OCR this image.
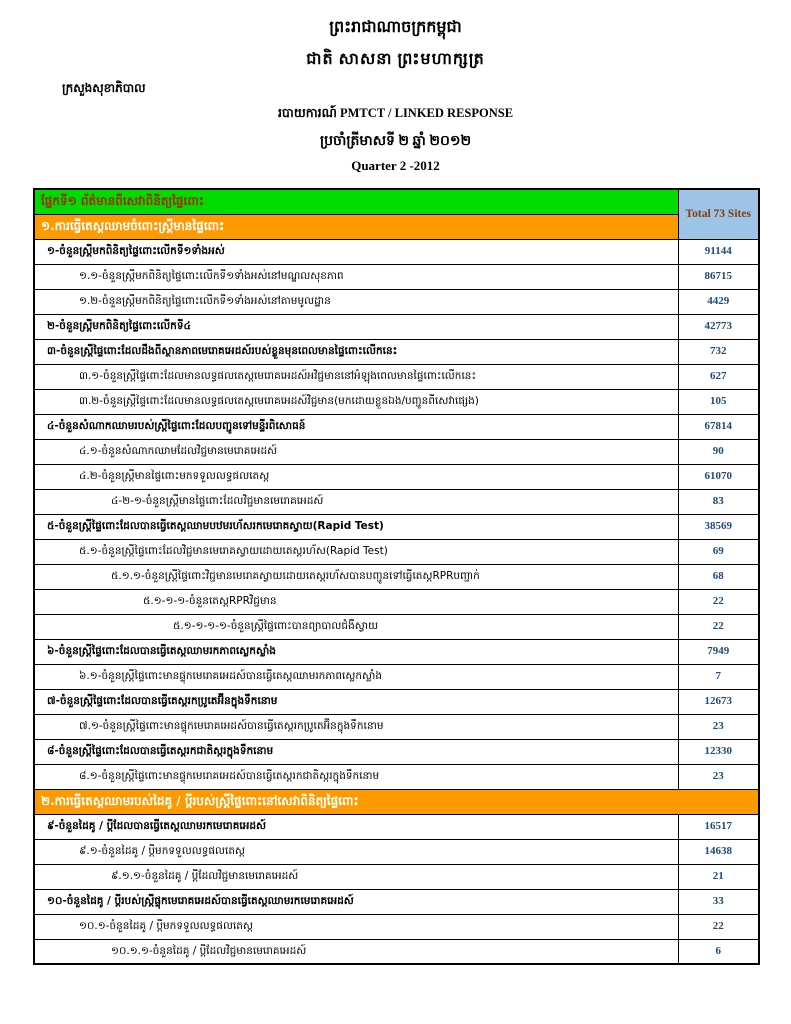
ព្រះរាជាណាចក្រកម្ពុជា
ជាតិ សាសនា ព្រះមហាក្សត្រ
ក្រសួងសុខាភិបាល
របាយការណ៍ PMTCT / LINKED RESPONSE
ប្រចាំត្រីមាសទី ២ ឆ្នាំ ២០១២
Quarter 2 -2012
ផ្នែកទី១ ព័ត៌មានពីសេវាពិនិត្យផ្ទៃពោះ	Total 73 Sites
១.ការធ្វើតេស្តឈាមចំពោះស្ត្រីមានផ្ទៃពោះ	
១-ចំនួនស្ត្រីមកពិនិត្យផ្ទៃពោះលើកទី១ទាំងអស់	91144
១.១-ចំនួនស្ត្រីមកពិនិត្យផ្ទៃពោះលើកទី១ទាំងអស់នៅមណ្ឌលសុខភាព	86715
១.២-ចំនួនស្ត្រីមកពិនិត្យផ្ទៃពោះលើកទី១ទាំងអស់នៅតាមមូលដ្ឋាន	4429
២-ចំនួនស្ត្រីមកពិនិត្យផ្ទៃពោះលើកទី៤	42773
៣-ចំនួនស្ត្រីផ្ទៃពោះដែលដឹងពីស្ថានភាពមេរោគអេដស៍របស់ខ្លួនមុនពេលមានផ្ទៃពោះលើកនេះ	732
៣.១-ចំនួនស្ត្រីផ្ទៃពោះដែលមានលទ្ធផលតេស្តមេរោគអេដស៍អវិជ្ជមាននៅអំឡុងពេលមានផ្ទៃពោះលើកនេះ	627
៣.២-ចំនួនស្ត្រីផ្ទៃពោះដែលមានលទ្ធផលតេស្តមេរោគអេដស៍វិជ្ជមាន(មកដោយខ្លួនឯង/បញ្ជូនពីសេវាផ្សេង)	105
៤-ចំនួនសំណាកឈាមរបស់ស្ត្រីផ្ទៃពោះដែលបញ្ជូនទៅមន្ទីរពិសោធន៍	67814
៤.១-ចំនួនសំណាកឈាមដែលវិជ្ជមានមេរោគអេដស៍	90
៤.២-ចំនួនស្ត្រីមានផ្ទៃពោះមកទទួលលទ្ធផលតេស្ត	61070
៤-២-១-ចំនួនស្ត្រីមានផ្ទៃពោះដែលវិជ្ជមានមេរោគអេដស៍	83
៥-ចំនួនស្ត្រីផ្ទៃពោះដែលបានធ្វើតេស្តឈាមបឋមរហ័សរកមេរោគស្វាយ(Rapid Test)	38569
៥.១-ចំនួនស្ត្រីផ្ទៃពោះដែលវិជ្ជមានមេរោគស្វាយដោយតេស្តរហ័ស(Rapid Test)	69
៥.១.១-ចំនួនស្ត្រីផ្ទៃពោះវិជ្ជមានមេរោគស្វាយដោយតេស្តរហ័សបានបញ្ជូនទៅធ្វើតេស្តRPRបញ្ជាក់	68
៥.១-១-១-ចំនួនតេស្តRPRវិជ្ជមាន	22
៥.១-១-១-១-ចំនួនស្ត្រីផ្ទៃពោះបានព្យាបាលជំងឺស្វាយ	22
៦-ចំនួនស្ត្រីផ្ទៃពោះដែលបានធ្វើតេស្តឈាមរកភាពស្លេកស្លាំង	7949
៦.១-ចំនួនស្ត្រីផ្ទៃពោះមានផ្ទុកមេរោគអេដស៍បានធ្វើតេស្តឈាមរកភាពស្លេកស្លាំង	7
៧-ចំនួនស្ត្រីផ្ទៃពោះដែលបានធ្វើតេស្តរកប្រូតេអ៊ីនក្នុងទឹកនោម	12673
៧.១-ចំនួនស្ត្រីផ្ទៃពោះមានផ្ទុកមេរោគអេដស៍បានធ្វើតេស្តរកប្រូតេអ៊ីនក្នុងទឹកនោម	23
៨-ចំនួនស្ត្រីផ្ទៃពោះដែលបានធ្វើតេស្តរកជាតិស្ករក្នុងទឹកនោម	12330
៨.១-ចំនួនស្ត្រីផ្ទៃពោះមានផ្ទុកមេរោគអេដស៍បានធ្វើតេស្តរកជាតិស្ករក្នុងទឹកនោម	23
២.ការធ្វើតេស្តឈាមរបស់ដៃគូ / ប្តីរបស់ស្ត្រីផ្ទៃពោះនៅសេវាពិនិត្យផ្ទៃពោះ	
៩-ចំនួនដៃគូ / ប្តីដែលបានធ្វើតេស្តឈាមរកមេរោគអេដស៍	16517
៩.១-ចំនួនដៃគូ / ប្តីមកទទួលលទ្ធផលតេស្ត	14638
៩.១.១-ចំនួនដៃគូ / ប្តីដែលវិជ្ជមានមេរោគអេដស៍	21
១០-ចំនួនដៃគូ / ប្តីរបស់ស្ត្រីផ្ទុកមេរោគអេដស៍បានធ្វើតេស្តឈាមរកមេរោគអេដស៍	33
១០.១-ចំនួនដៃគូ / ប្តីមកទទួលលទ្ធផលតេស្ត	22
១០.១.១-ចំនួនដៃគូ / ប្តីដែលវិជ្ជមានមេរោគអេដស៍	6
